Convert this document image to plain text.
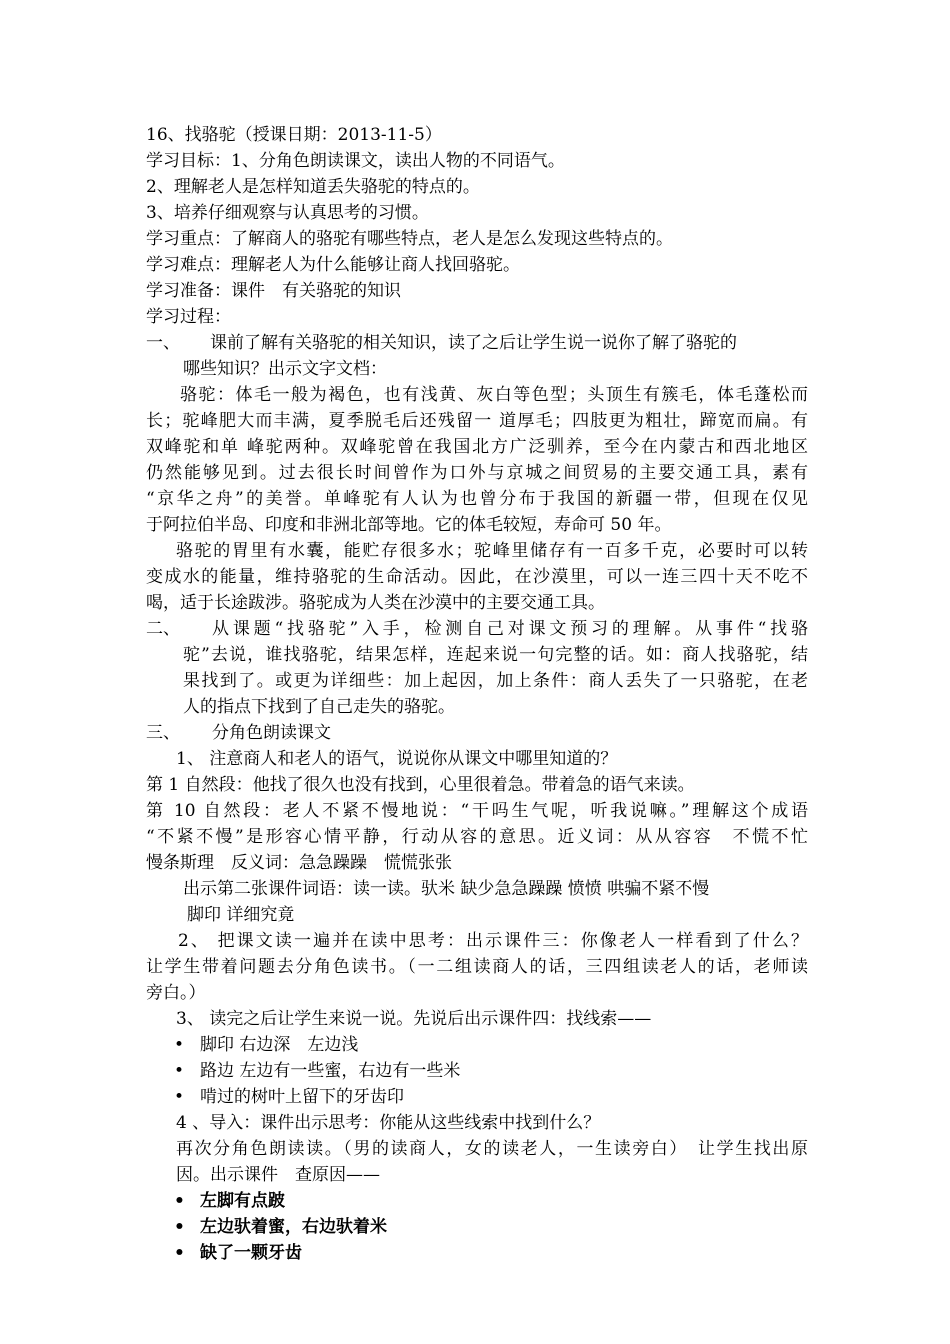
16、找骆驼（授课日期：2013-11-5）
学习目标：1、分角色朗读课文，读出人物的不同语气。
2、理解老人是怎样知道丢失骆驼的特点的。
3、培养仔细观察与认真思考的习惯。
学习重点：了解商人的骆驼有哪些特点，老人是怎么发现这些特点的。
学习难点：理解老人为什么能够让商人找回骆驼。
学习准备：课件　有关骆驼的知识
学习过程：
一、 课前了解有关骆驼的相关知识，读了之后让学生说一说你了解了骆驼的
哪些知识？出示文字文档：
骆驼：体毛一般为褐色，也有浅黄、灰白等色型；头顶生有簇毛，体毛蓬松而
长；驼峰肥大而丰满，夏季脱毛后还残留一 道厚毛；四肢更为粗壮，蹄宽而扁。有
双峰驼和单 峰驼两种。双峰驼曾在我国北方广泛驯养，至今在内蒙古和西北地区
仍然能够见到。过去很长时间曾作为口外与京城之间贸易的主要交通工具，素有
“京华之舟”的美誉。单峰驼有人认为也曾分布于我国的新疆一带，但现在仅见
于阿拉伯半岛、印度和非洲北部等地。它的体毛较短，寿命可 50 年。
骆驼的胃里有水囊，能贮存很多水；驼峰里储存有一百多千克，必要时可以转
变成水的能量，维持骆驼的生命活动。因此，在沙漠里，可以一连三四十天不吃不
喝，适于长途跋涉。骆驼成为人类在沙漠中的主要交通工具。
二、 从课题“找骆驼”入手，检测自己对课文预习的理解。从事件“找骆
驼”去说，谁找骆驼，结果怎样，连起来说一句完整的话。如：商人找骆驼，结
果找到了。或更为详细些：加上起因，加上条件：商人丢失了一只骆驼，在老
人的指点下找到了自己走失的骆驼。
三、 分角色朗读课文
1、 注意商人和老人的语气，说说你从课文中哪里知道的？
第 1 自然段：他找了很久也没有找到，心里很着急。带着急的语气来读。
第 10 自然段：老人不紧不慢地说：“干吗生气呢，听我说嘛。”理解这个成语
“不紧不慢”是形容心情平静，行动从容的意思。近义词：从从容容　不慌不忙
慢条斯理　反义词：急急躁躁　慌慌张张
出示第二张课件词语：读一读。驮米 缺少急急躁躁 愤愤 哄骗不紧不慢
脚印 详细究竟
2、 把课文读一遍并在读中思考：出示课件三：你像老人一样看到了什么？
让学生带着问题去分角色读书。（一二组读商人的话，三四组读老人的话，老师读
旁白。）
3、 读完之后让学生来说一说。先说后出示课件四：找线索——
• 脚印 右边深　左边浅
• 路边 左边有一些蜜，右边有一些米
• 啃过的树叶上留下的牙齿印
4 、导入：课件出示思考：你能从这些线索中找到什么？
再次分角色朗读读。（男的读商人，女的读老人，一生读旁白）　让学生找出原
因。出示课件　查原因——
• 左脚有点跛
• 左边驮着蜜，右边驮着米
• 缺了一颗牙齿
